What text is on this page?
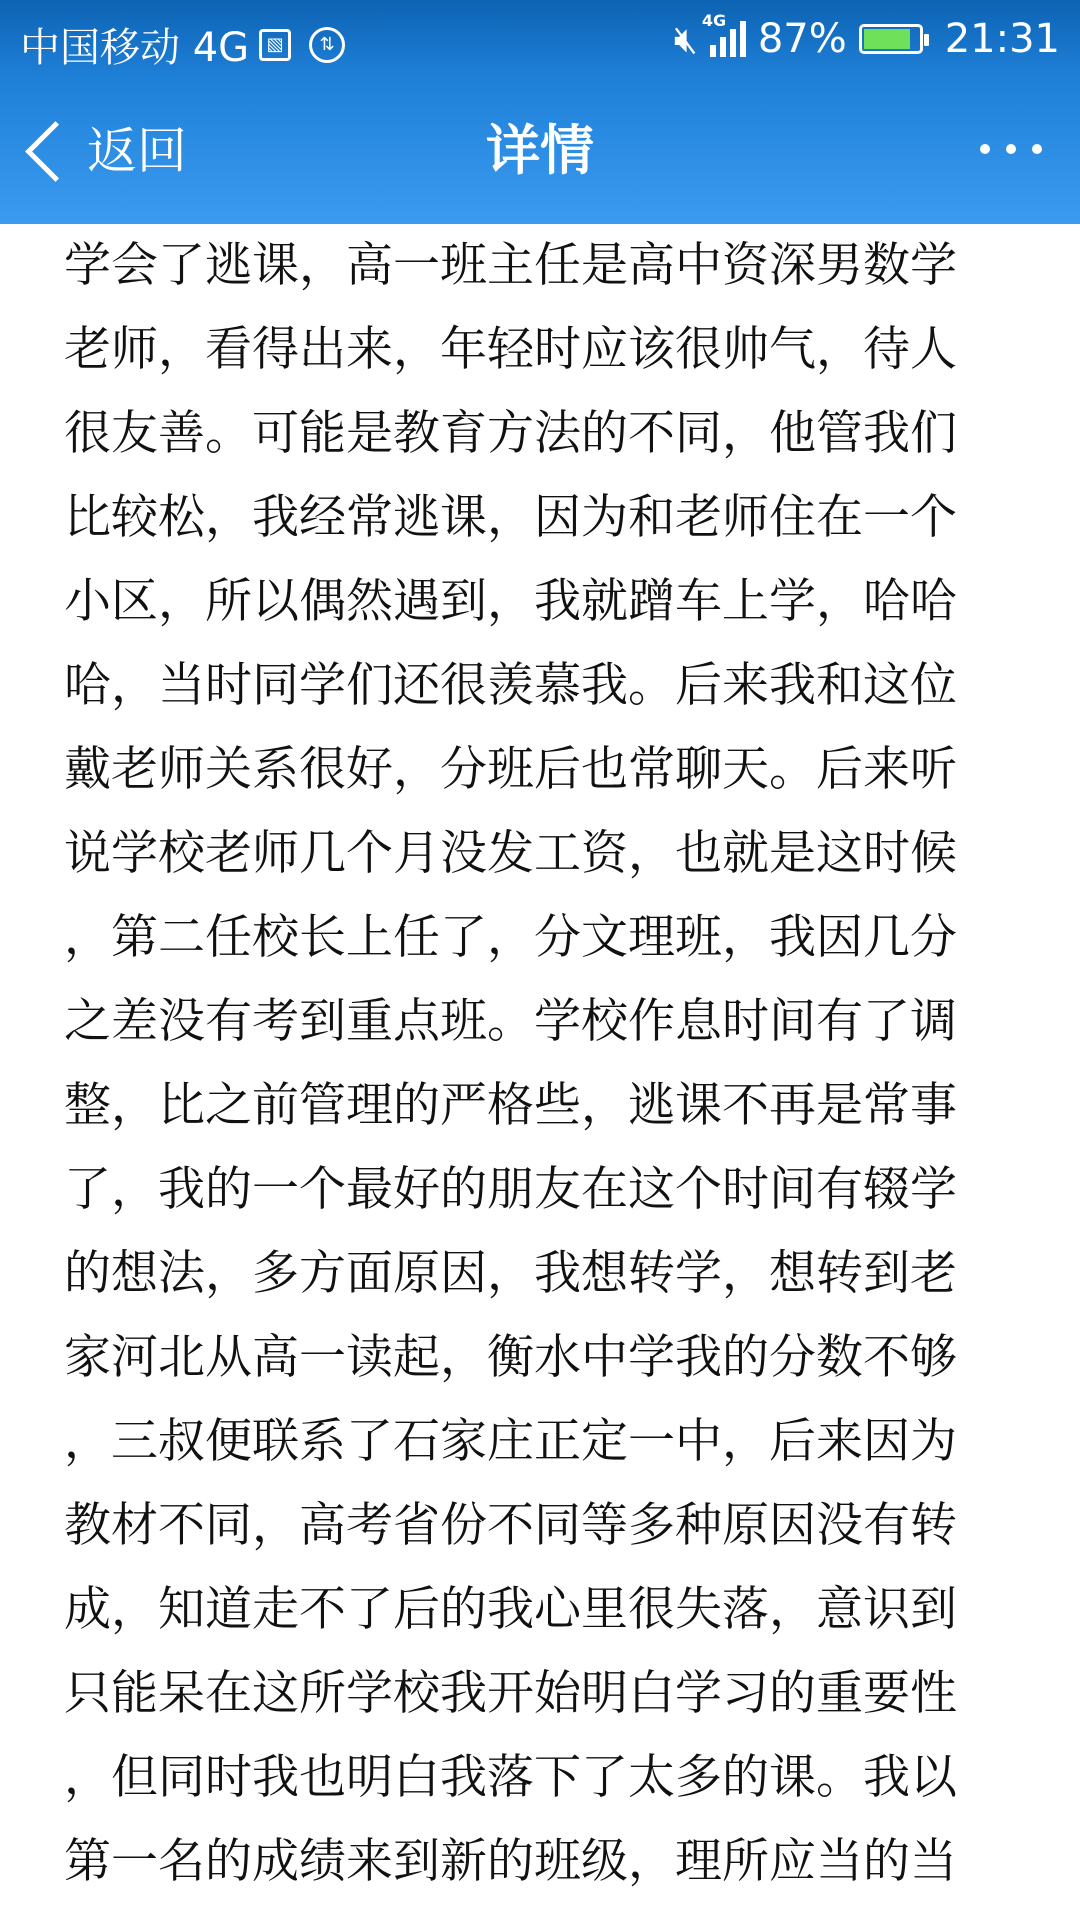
中国移动 4G ▧	⇅	🔇︎ 4G 87% 21:31
返回	详情
学会了逃课，高一班主任是高中资深男数学
老师，看得出来，年轻时应该很帅气，待人
很友善。可能是教育方法的不同，他管我们
比较松，我经常逃课，因为和老师住在一个
小区，所以偶然遇到，我就蹭车上学，哈哈
哈，当时同学们还很羡慕我。后来我和这位
戴老师关系很好，分班后也常聊天。后来听
说学校老师几个月没发工资，也就是这时候
，第二任校长上任了，分文理班，我因几分
之差没有考到重点班。学校作息时间有了调
整，比之前管理的严格些，逃课不再是常事
了，我的一个最好的朋友在这个时间有辍学
的想法，多方面原因，我想转学，想转到老
家河北从高一读起，衡水中学我的分数不够
，三叔便联系了石家庄正定一中，后来因为
教材不同，高考省份不同等多种原因没有转
成，知道走不了后的我心里很失落，意识到
只能呆在这所学校我开始明白学习的重要性
，但同时我也明白我落下了太多的课。我以
第一名的成绩来到新的班级，理所应当的当
